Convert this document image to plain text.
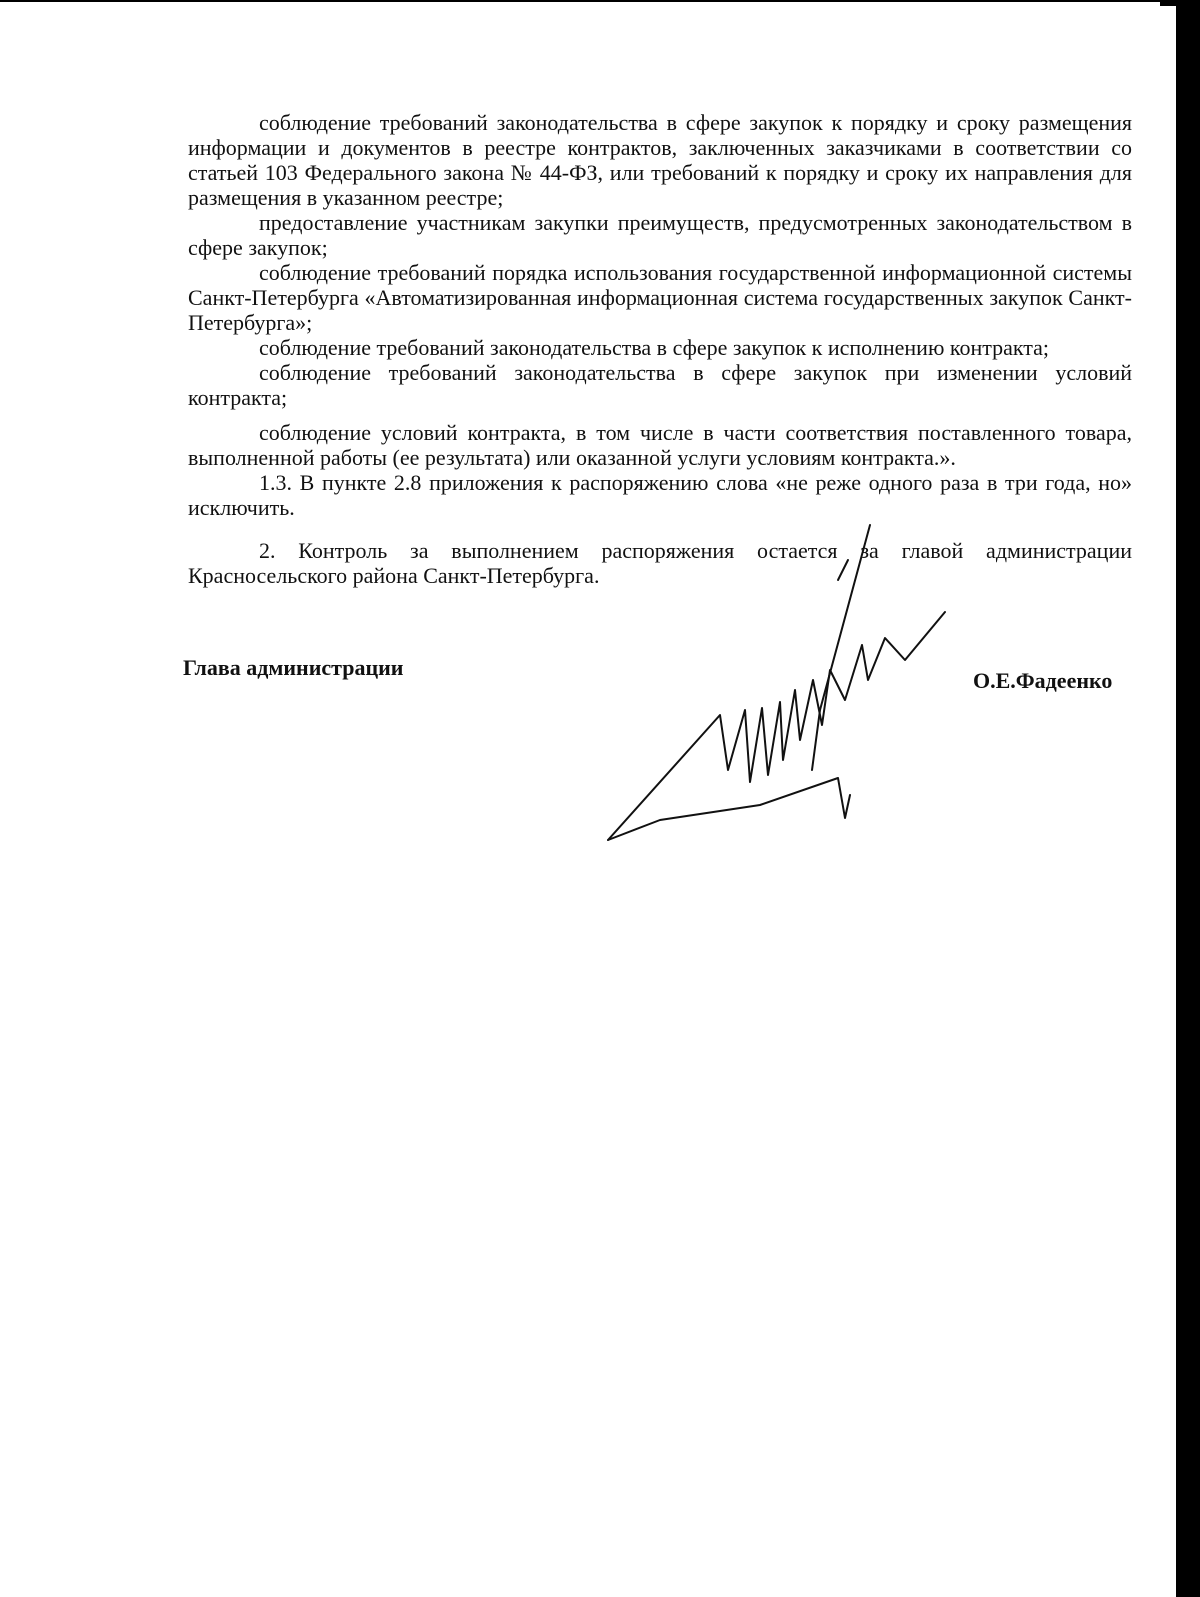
соблюдение требований законодательства в сфере закупок к порядку и сроку размещения информации и документов в реестре контрактов, заключенных заказчиками в соответствии со статьей 103 Федерального закона № 44-ФЗ, или требований к порядку и сроку их направления для размещения в указанном реестре;

предоставление участникам закупки преимуществ, предусмотренных законодательством в сфере закупок;

соблюдение требований порядка использования государственной информационной системы Санкт-Петербурга «Автоматизированная информационная система государственных закупок Санкт-Петербурга»;

соблюдение требований законодательства в сфере закупок к исполнению контракта;

соблюдение требований законодательства в сфере закупок при изменении условий контракта;

соблюдение условий контракта, в том числе в части соответствия поставленного товара, выполненной работы (ее результата) или оказанной услуги условиям контракта.».

1.3. В пункте 2.8 приложения к распоряжению слова «не реже одного раза в три года, но» исключить.

2. Контроль за выполнением распоряжения остается за главой администрации Красносельского района Санкт-Петербурга.

Глава администрации
О.Е.Фадеенко
